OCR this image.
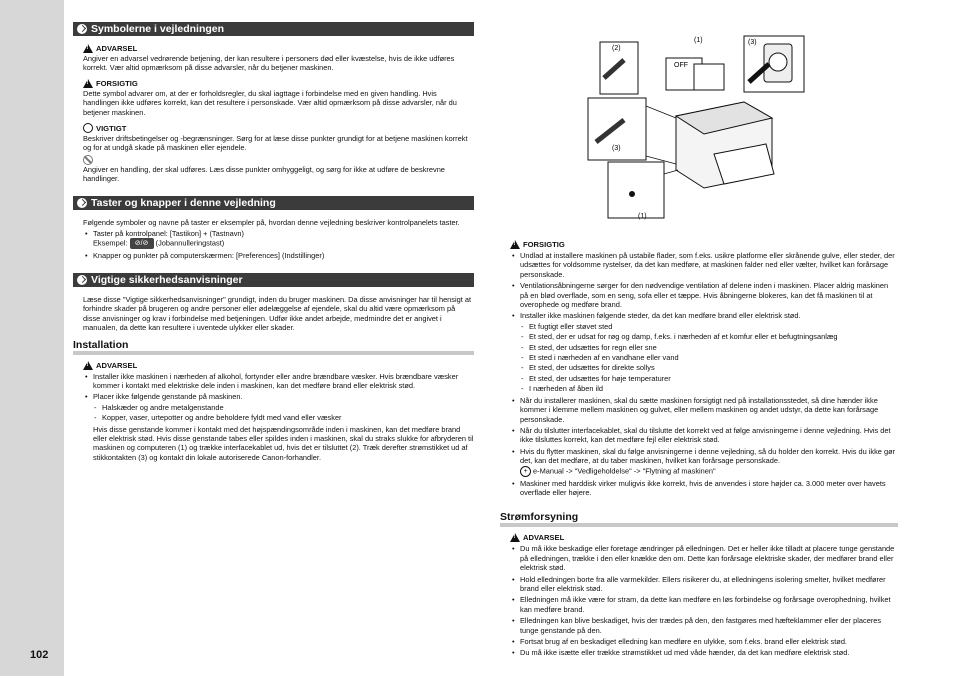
102
Symbolerne i vejledningen
!
ADVARSEL
Angiver en advarsel vedrørende betjening, der kan resultere i personers død eller kvæstelse, hvis de ikke udføres korrekt. Vær altid opmærksom på disse advarsler, når du betjener maskinen.
!
FORSIGTIG
Dette symbol advarer om, at der er forholdsregler, du skal iagttage i forbindelse med en given handling. Hvis handlingen ikke udføres korrekt, kan det resultere i personskade. Vær altid opmærksom på disse advarsler, når du betjener maskinen.
VIGTIGT
Beskriver driftsbetingelser og -begrænsninger. Sørg for at læse disse punkter grundigt for at betjene maskinen korrekt og for at undgå skade på maskinen eller ejendele.
Angiver en handling, der skal udføres. Læs disse punkter omhyggeligt, og sørg for ikke at udføre de beskrevne handlinger.
Taster og knapper i denne vejledning
Følgende symboler og navne på taster er eksempler på, hvordan denne vejledning beskriver kontrolpanelets taster.
• Taster på kontrolpanel: [Tastikon] + (Tastnavn)
Eksempel: ⊘/⊘ (Jobannulleringstast)
• Knapper og punkter på computerskærmen: [Preferences] (Indstillinger)
Vigtige sikkerhedsanvisninger
Læse disse "Vigtige sikkerhedsanvisninger" grundigt, inden du bruger maskinen. Da disse anvisninger har til hensigt at forhindre skader på brugeren og andre personer eller ødelæggelse af ejendele, skal du altid være opmærksom på disse anvisninger og krav i forbindelse med betjeningen. Udfør ikke andet arbejde, medmindre det er angivet i manualen, da dette kan resultere i uventede ulykker eller skader.
Installation
!
ADVARSEL
• Installer ikke maskinen i nærheden af alkohol, fortynder eller andre brændbare væsker. Hvis brændbare væsker kommer i kontakt med elektriske dele inden i maskinen, kan det medføre brand eller elektrisk stød.
• Placer ikke følgende genstande på maskinen.
- Halskæder og andre metalgenstande
- Kopper, vaser, urtepotter og andre beholdere fyldt med vand eller væsker
Hvis disse genstande kommer i kontakt med det højspændingsområde inden i maskinen, kan det medføre brand eller elektrisk stød. Hvis disse genstande tabes eller spildes inden i maskinen, skal du straks slukke for afbryderen til maskinen og computeren (1) og trække interfacekablet ud, hvis det er tilsluttet (2). Træk derefter strømstikket ud af stikkontakten (3) og kontakt din lokale autoriserede Canon-forhandler.
OFF
(1)
(2)
(3)
(3)
(1)
!
FORSIGTIG
• Undlad at installere maskinen på ustabile flader, som f.eks. usikre platforme eller skrånende gulve, eller steder, der udsættes for voldsomme rystelser, da det kan medføre, at maskinen falder ned eller vælter, hvilket kan forårsage personskade.
• Ventilationsåbningerne sørger for den nødvendige ventilation af delene inden i maskinen. Placer aldrig maskinen på en blød overflade, som en seng, sofa eller et tæppe. Hvis åbningerne blokeres, kan det få maskinen til at overophede og medføre brand.
• Installer ikke maskinen følgende steder, da det kan medføre brand eller elektrisk stød.
- Et fugtigt eller støvet sted
- Et sted, der er udsat for røg og damp, f.eks. i nærheden af et komfur eller et befugtningsanlæg
- Et sted, der udsættes for regn eller sne
- Et sted i nærheden af en vandhane eller vand
- Et sted, der udsættes for direkte sollys
- Et sted, der udsættes for høje temperaturer
- I nærheden af åben ild
• Når du installerer maskinen, skal du sætte maskinen forsigtigt ned på installationsstedet, så dine hænder ikke kommer i klemme mellem maskinen og gulvet, eller mellem maskinen og andet udstyr, da dette kan forårsage personskade.
• Når du tilslutter interfacekablet, skal du tilslutte det korrekt ved at følge anvisningerne i denne vejledning. Hvis det ikke tilsluttes korrekt, kan det medføre fejl eller elektrisk stød.
• Hvis du flytter maskinen, skal du følge anvisningerne i denne vejledning, så du holder den korrekt. Hvis du ikke gør det, kan det medføre, at du taber maskinen, hvilket kan forårsage personskade.
+ e-Manual -> "Vedligeholdelse" -> "Flytning af maskinen"
• Maskiner med harddisk virker muligvis ikke korrekt, hvis de anvendes i store højder ca. 3.000 meter over havets overflade eller højere.
Strømforsyning
!
ADVARSEL
• Du må ikke beskadige eller foretage ændringer på elledningen. Det er heller ikke tilladt at placere tunge genstande på elledningen, trække i den eller knække den om. Dette kan forårsage elektriske skader, der medfører brand eller elektrisk stød.
• Hold elledningen borte fra alle varmekilder. Ellers risikerer du, at elledningens isolering smelter, hvilket medfører brand eller elektrisk stød.
• Elledningen må ikke være for stram, da dette kan medføre en løs forbindelse og forårsage overophedning, hvilket kan medføre brand.
• Elledningen kan blive beskadiget, hvis der trædes på den, den fastgøres med hæfteklammer eller der placeres tunge genstande på den.
• Fortsat brug af en beskadiget elledning kan medføre en ulykke, som f.eks. brand eller elektrisk stød.
• Du må ikke isætte eller trække strømstikket ud med våde hænder, da det kan medføre elektrisk stød.
